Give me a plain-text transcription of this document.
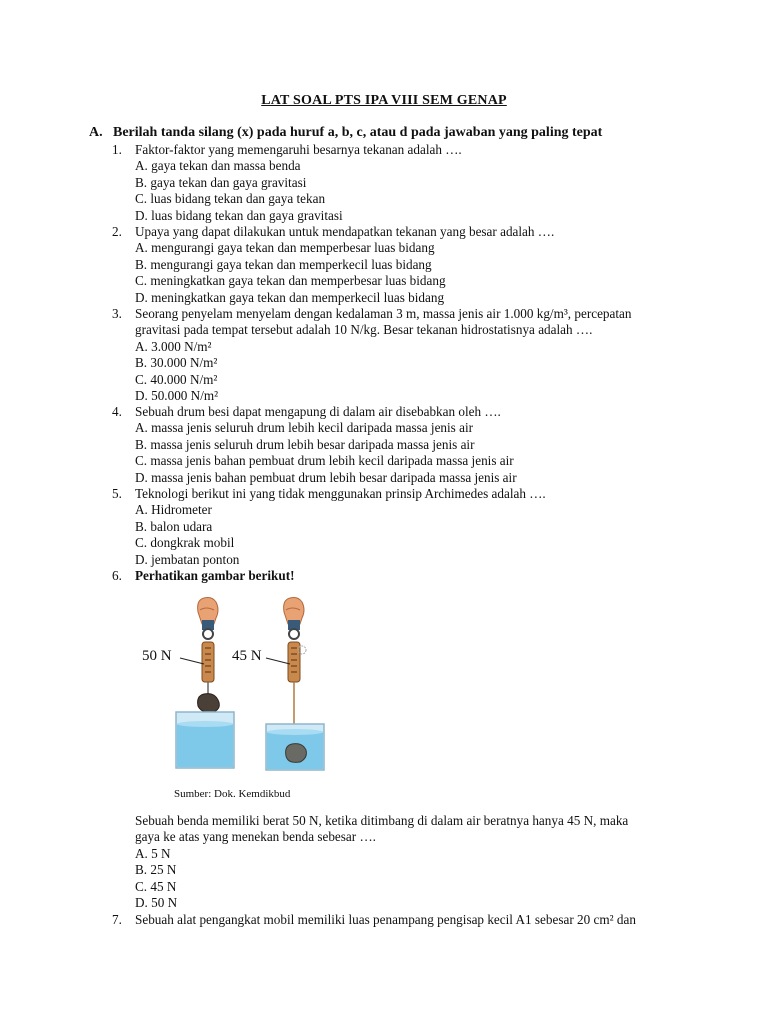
LAT SOAL PTS IPA VIII SEM GENAP
A. Berilah tanda silang (x) pada huruf a, b, c, atau d pada jawaban yang paling tepat
1. Faktor-faktor yang memengaruhi besarnya tekanan adalah ….
A. gaya tekan dan massa benda
B. gaya tekan dan gaya gravitasi
C. luas bidang tekan dan gaya tekan
D. luas bidang tekan dan gaya gravitasi
2. Upaya yang dapat dilakukan untuk mendapatkan tekanan yang besar adalah ….
A. mengurangi gaya tekan dan memperbesar luas bidang
B. mengurangi gaya tekan dan memperkecil luas bidang
C. meningkatkan gaya tekan dan memperbesar luas bidang
D. meningkatkan gaya tekan dan memperkecil luas bidang
3. Seorang penyelam menyelam dengan kedalaman 3 m, massa jenis air 1.000 kg/m³, percepatan
gravitasi pada tempat tersebut adalah 10 N/kg. Besar tekanan hidrostatisnya adalah ….
A. 3.000 N/m²
B. 30.000 N/m²
C. 40.000 N/m²
D. 50.000 N/m²
4. Sebuah drum besi dapat mengapung di dalam air disebabkan oleh ….
A. massa jenis seluruh drum lebih kecil daripada massa jenis air
B. massa jenis seluruh drum lebih besar daripada massa jenis air
C. massa jenis bahan pembuat drum lebih kecil daripada massa jenis air
D. massa jenis bahan pembuat drum lebih besar daripada massa jenis air
5. Teknologi berikut ini yang tidak menggunakan prinsip Archimedes adalah ….
A. Hidrometer
B. balon udara
C. dongkrak mobil
D. jembatan ponton
6. Perhatikan gambar berikut!
50 N	45 N
Sumber: Dok. Kemdikbud
Sebuah benda memiliki berat 50 N, ketika ditimbang di dalam air beratnya hanya 45 N, maka
gaya ke atas yang menekan benda sebesar ….
A. 5 N
B. 25 N
C. 45 N
D. 50 N
7. Sebuah alat pengangkat mobil memiliki luas penampang pengisap kecil A1 sebesar 20 cm² dan
